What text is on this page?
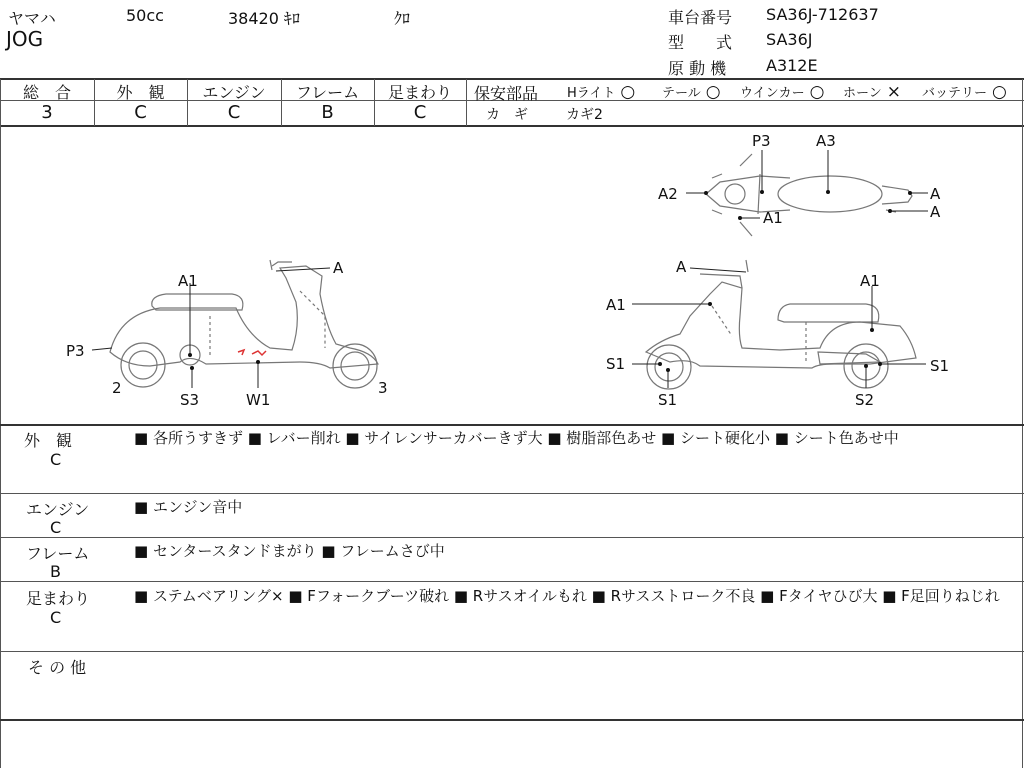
ヤマハ	50cc	38420 ｷﾛ	ｸﾛ
JOG
車台番号 SA36J-712637
型　　式 SA36J
原 動 機 A312E
総　合	外　観	エンジン	フレーム	足まわり
3	C	C	B	C
保安部品 Hライト ○ テール ○ ウインカー ○ ホーン × バッテリー ○
カ　ギ	カギ2
P3	A3
A2	A
A
A1
A
A1
P3
2
S3	W1
3
A
A1
A1
S1
S1
S1
S2
外　観
C
■ 各所うすきず ■ レバー削れ ■ サイレンサーカバーきず大 ■ 樹脂部色あせ ■ シート硬化小 ■ シート色あせ中
エンジン
C
■ エンジン音中
フレーム
B
■ センタースタンドまがり ■ フレームさび中
足まわり
C
■ ステムベアリング× ■ Fフォークブーツ破れ ■ Rサスオイルもれ ■ Rサスストローク不良 ■ Fタイヤひび大 ■ F足回りねじれ
そ の 他
